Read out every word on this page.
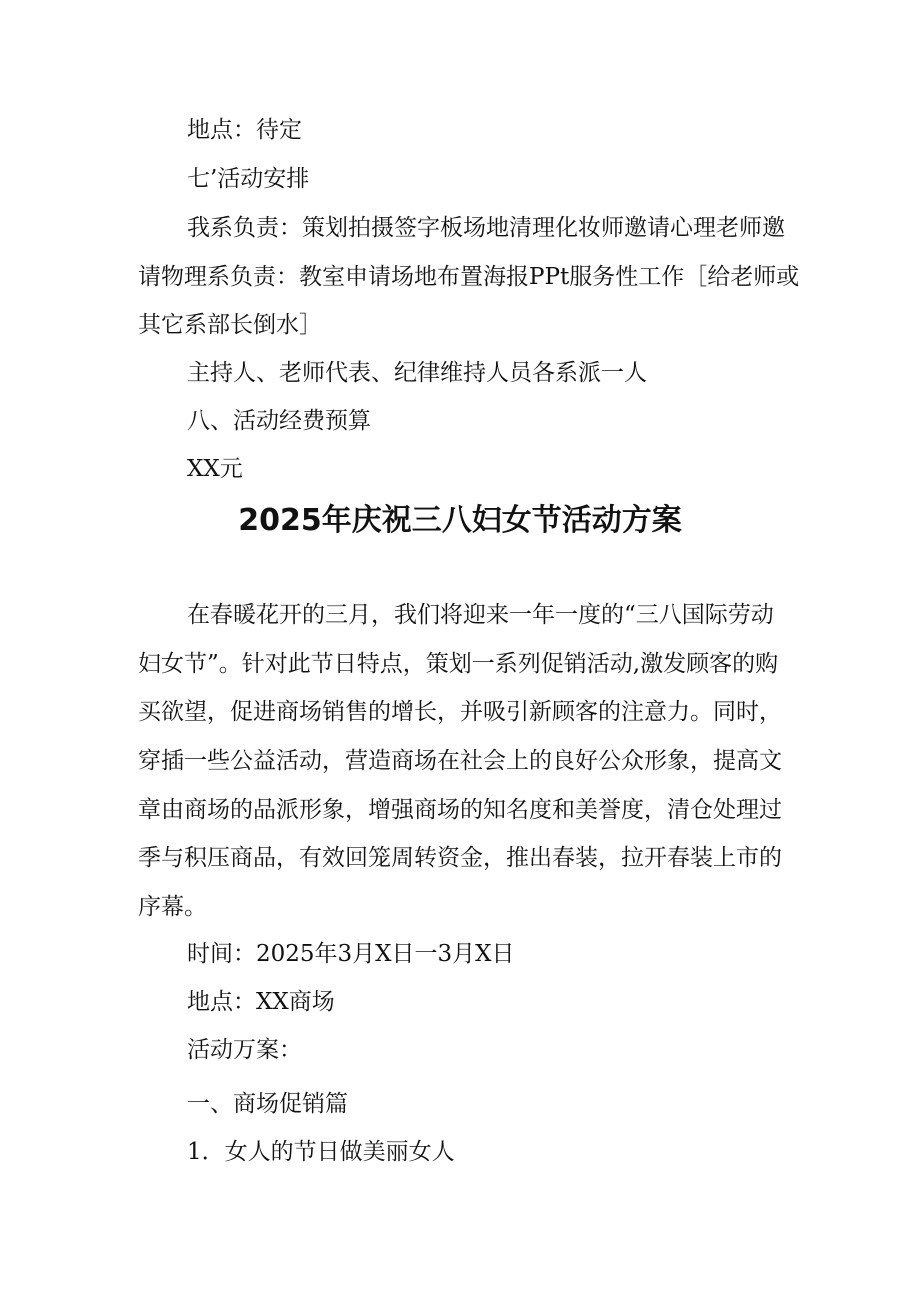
地点：待定

七’活动安排

我系负责：策划拍摄签字板场地清理化妆师邀请心理老师邀

请物理系负责：教室申请场地布置海报PPt服务性工作［给老师或

其它系部长倒水］

主持人、老师代表、纪律维持人员各系派一人

八、活动经费预算

XX元

2025年庆祝三八妇女节活动方案

在春暖花开的三月，我们将迎来一年一度的“三八国际劳动

妇女节”。针对此节日特点，策划一系列促销活动,激发顾客的购

买欲望，促进商场销售的增长，并吸引新顾客的注意力。同时，

穿插一些公益活动，营造商场在社会上的良好公众形象，提高文

章由商场的品派形象，增强商场的知名度和美誉度，清仓处理过

季与积压商品，有效回笼周转资金，推出春装，拉开春装上市的

序幕。

时间：2025年3月X日一3月X日

地点：XX商场

活动万案：

一、商场促销篇

1．女人的节日做美丽女人
